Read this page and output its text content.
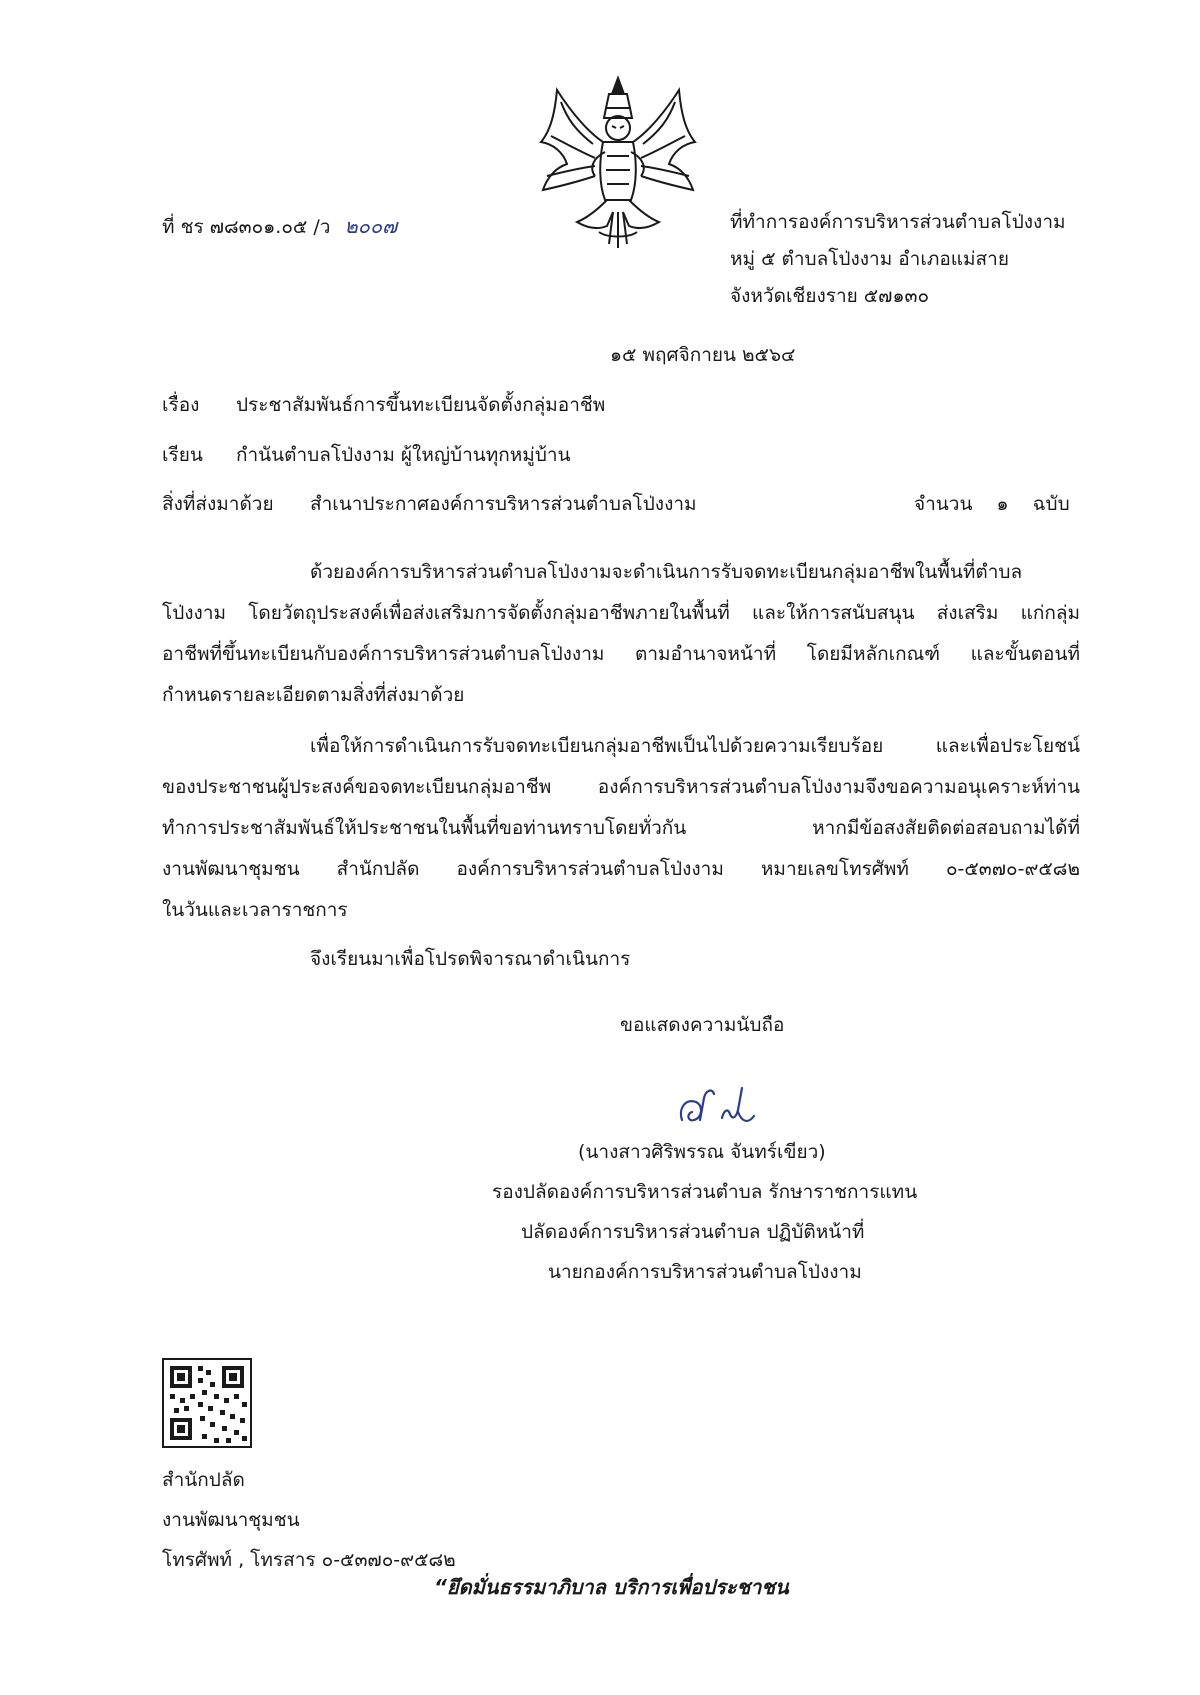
ที่ ชร ๗๘๓๐๑.๐๕ /ว ๒๐๐๗	ที่ทำการองค์การบริหารส่วนตำบลโป่งงาม
หมู่ ๕ ตำบลโป่งงาม อำเภอแม่สาย
จังหวัดเชียงราย ๕๗๑๓๐
๑๕ พฤศจิกายน ๒๕๖๔
เรื่อง ประชาสัมพันธ์การขึ้นทะเบียนจัดตั้งกลุ่มอาชีพ
เรียน กำนันตำบลโป่งงาม ผู้ใหญ่บ้านทุกหมู่บ้าน
สิ่งที่ส่งมาด้วย สำเนาประกาศองค์การบริหารส่วนตำบลโป่งงาม	จำนวน ๑ ฉบับ
ด้วยองค์การบริหารส่วนตำบลโป่งงามจะดำเนินการรับจดทะเบียนกลุ่มอาชีพในพื้นที่ตำบล
โป่งงาม โดยวัตถุประสงค์เพื่อส่งเสริมการจัดตั้งกลุ่มอาชีพภายในพื้นที่ และให้การสนับสนุน ส่งเสริม แก่กลุ่ม
อาชีพที่ขึ้นทะเบียนกับองค์การบริหารส่วนตำบลโป่งงาม ตามอำนาจหน้าที่ โดยมีหลักเกณฑ์ และขั้นตอนที่
กำหนดรายละเอียดตามสิ่งที่ส่งมาด้วย
เพื่อให้การดำเนินการรับจดทะเบียนกลุ่มอาชีพเป็นไปด้วยความเรียบร้อย และเพื่อประโยชน์
ของประชาชนผู้ประสงค์ขอจดทะเบียนกลุ่มอาชีพ องค์การบริหารส่วนตำบลโป่งงามจึงขอความอนุเคราะห์ท่าน
ทำการประชาสัมพันธ์ให้ประชาชนในพื้นที่ขอท่านทราบโดยทั่วกัน หากมีข้อสงสัยติดต่อสอบถามได้ที่
งานพัฒนาชุมชน สำนักปลัด องค์การบริหารส่วนตำบลโป่งงาม หมายเลขโทรศัพท์ ๐-๕๓๗๐-๙๕๘๒
ในวันและเวลาราชการ
จึงเรียนมาเพื่อโปรดพิจารณาดำเนินการ
ขอแสดงความนับถือ
(นางสาวศิริพรรณ จันทร์เขียว)
รองปลัดองค์การบริหารส่วนตำบล รักษาราชการแทน
ปลัดองค์การบริหารส่วนตำบล ปฏิบัติหน้าที่
นายกองค์การบริหารส่วนตำบลโป่งงาม
สำนักปลัด
งานพัฒนาชุมชน
โทรศัพท์ , โทรสาร ๐-๕๓๗๐-๙๕๘๒
“ยึดมั่นธรรมาภิบาล บริการเพื่อประชาชน
